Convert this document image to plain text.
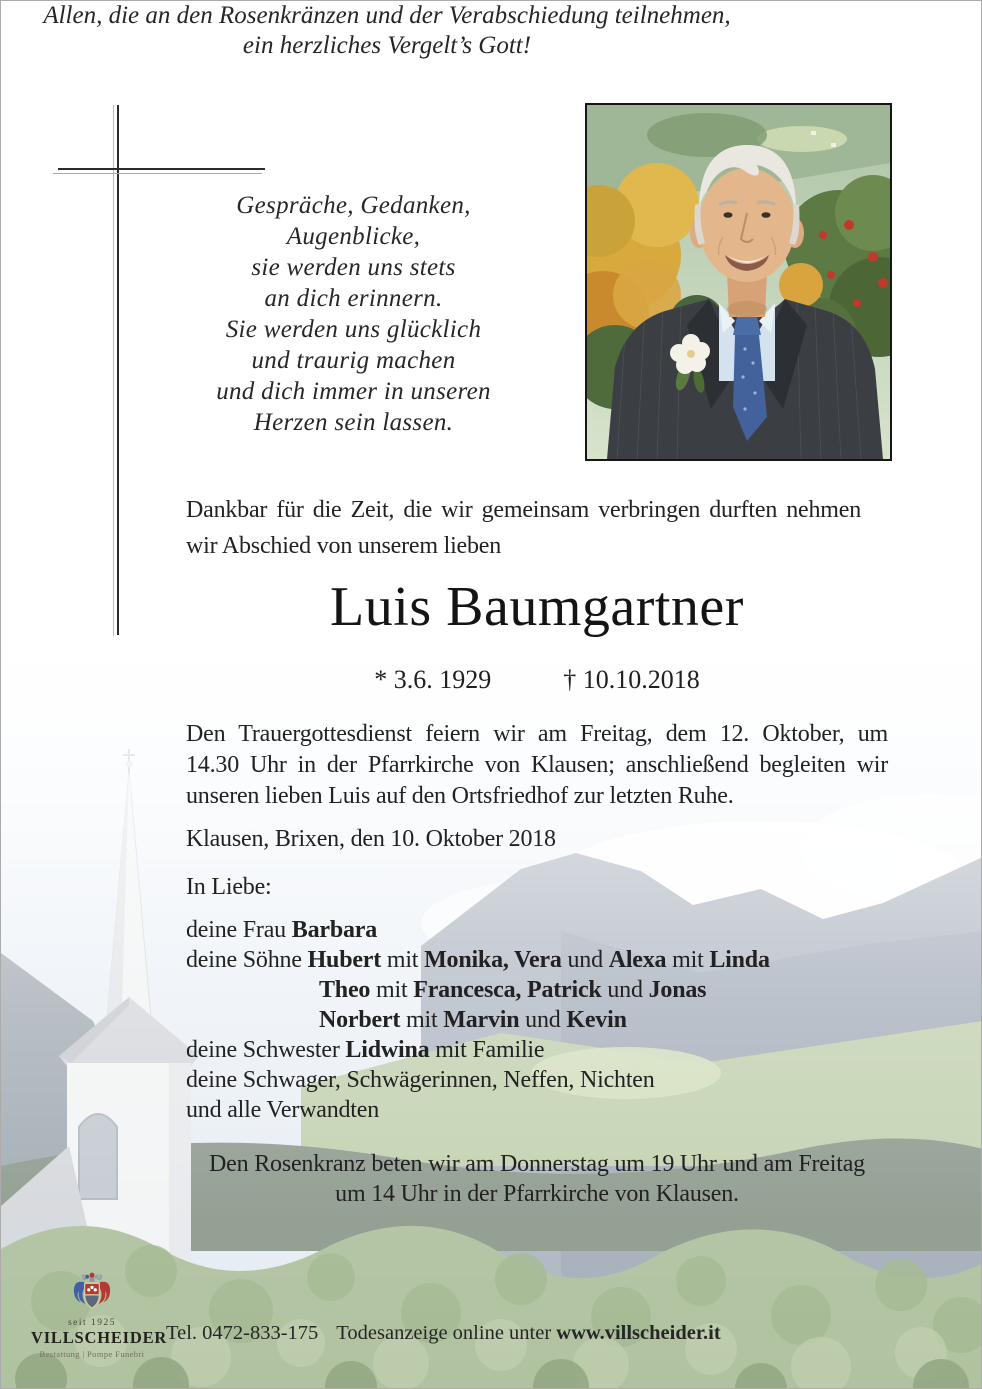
Gespräche, Gedanken,
Augenblicke,
sie werden uns stets
an dich erinnern.
Sie werden uns glücklich
und traurig machen
und dich immer in unseren
Herzen sein lassen.
Dankbar für die Zeit, die wir gemeinsam verbringen durften nehmen
wir Abschied von unserem lieben
Luis Baumgartner
* 3.6. 1929	† 10.10.2018
Den Trauergottesdienst feiern wir am Freitag, dem 12. Oktober, um
14.30 Uhr in der Pfarrkirche von Klausen; anschließend begleiten wir
unseren lieben Luis auf den Ortsfriedhof zur letzten Ruhe.
Klausen, Brixen, den 10. Oktober 2018
In Liebe:
deine Frau Barbara
deine Söhne Hubert mit Monika, Vera und Alexa mit Linda
Theo mit Francesca, Patrick und Jonas
Norbert mit Marvin und Kevin
deine Schwester Lidwina mit Familie
deine Schwager, Schwägerinnen, Neffen, Nichten
und alle Verwandten
Den Rosenkranz beten wir am Donnerstag um 19 Uhr und am Freitag
um 14 Uhr in der Pfarrkirche von Klausen.
Allen, die an den Rosenkränzen und der Verabschiedung teilnehmen,
ein herzliches Vergelt’s Gott!
seit 1925
VILLSCHEIDER
Bestattung | Pompe Funebri
Tel. 0472-833-175 Todesanzeige online unter www.villscheider.it
